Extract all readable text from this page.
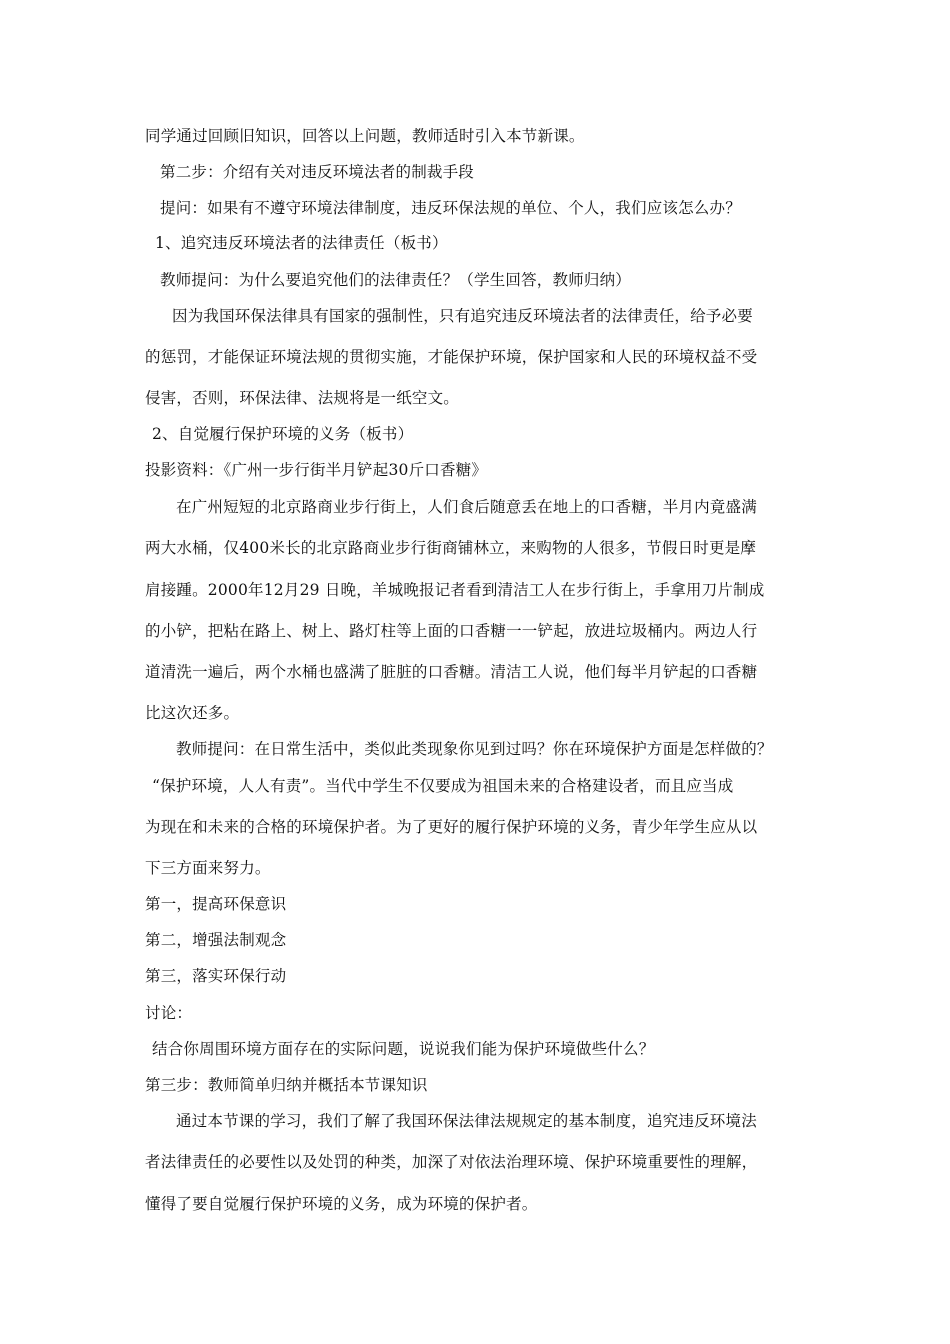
同学通过回顾旧知识，回答以上问题，教师适时引入本节新课。
第二步：介绍有关对违反环境法者的制裁手段
提问：如果有不遵守环境法律制度，违反环保法规的单位、个人，我们应该怎么办？
1、追究违反环境法者的法律责任（板书）
教师提问：为什么要追究他们的法律责任？（学生回答，教师归纳）
因为我国环保法律具有国家的强制性，只有追究违反环境法者的法律责任，给予必要
的惩罚，才能保证环境法规的贯彻实施，才能保护环境，保护国家和人民的环境权益不受
侵害，否则，环保法律、法规将是一纸空文。
2、自觉履行保护环境的义务（板书）
投影资料：《广州一步行街半月铲起30斤口香糖》
在广州短短的北京路商业步行街上，人们食后随意丢在地上的口香糖，半月内竟盛满
两大水桶，仅400米长的北京路商业步行街商铺林立，来购物的人很多，节假日时更是摩
肩接踵。2000年12月29 日晚，羊城晚报记者看到清洁工人在步行街上，手拿用刀片制成
的小铲，把粘在路上、树上、路灯柱等上面的口香糖一一铲起，放进垃圾桶内。两边人行
道清洗一遍后，两个水桶也盛满了脏脏的口香糖。清洁工人说，他们每半月铲起的口香糖
比这次还多。
教师提问：在日常生活中，类似此类现象你见到过吗？你在环境保护方面是怎样做的？
“保护环境，人人有责”。当代中学生不仅要成为祖国未来的合格建设者，而且应当成
为现在和未来的合格的环境保护者。为了更好的履行保护环境的义务，青少年学生应从以
下三方面来努力。
第一，提高环保意识
第二，增强法制观念
第三，落实环保行动
讨论：
结合你周围环境方面存在的实际问题，说说我们能为保护环境做些什么？
第三步：教师简单归纳并概括本节课知识
通过本节课的学习，我们了解了我国环保法律法规规定的基本制度，追究违反环境法
者法律责任的必要性以及处罚的种类，加深了对依法治理环境、保护环境重要性的理解，
懂得了要自觉履行保护环境的义务，成为环境的保护者。
